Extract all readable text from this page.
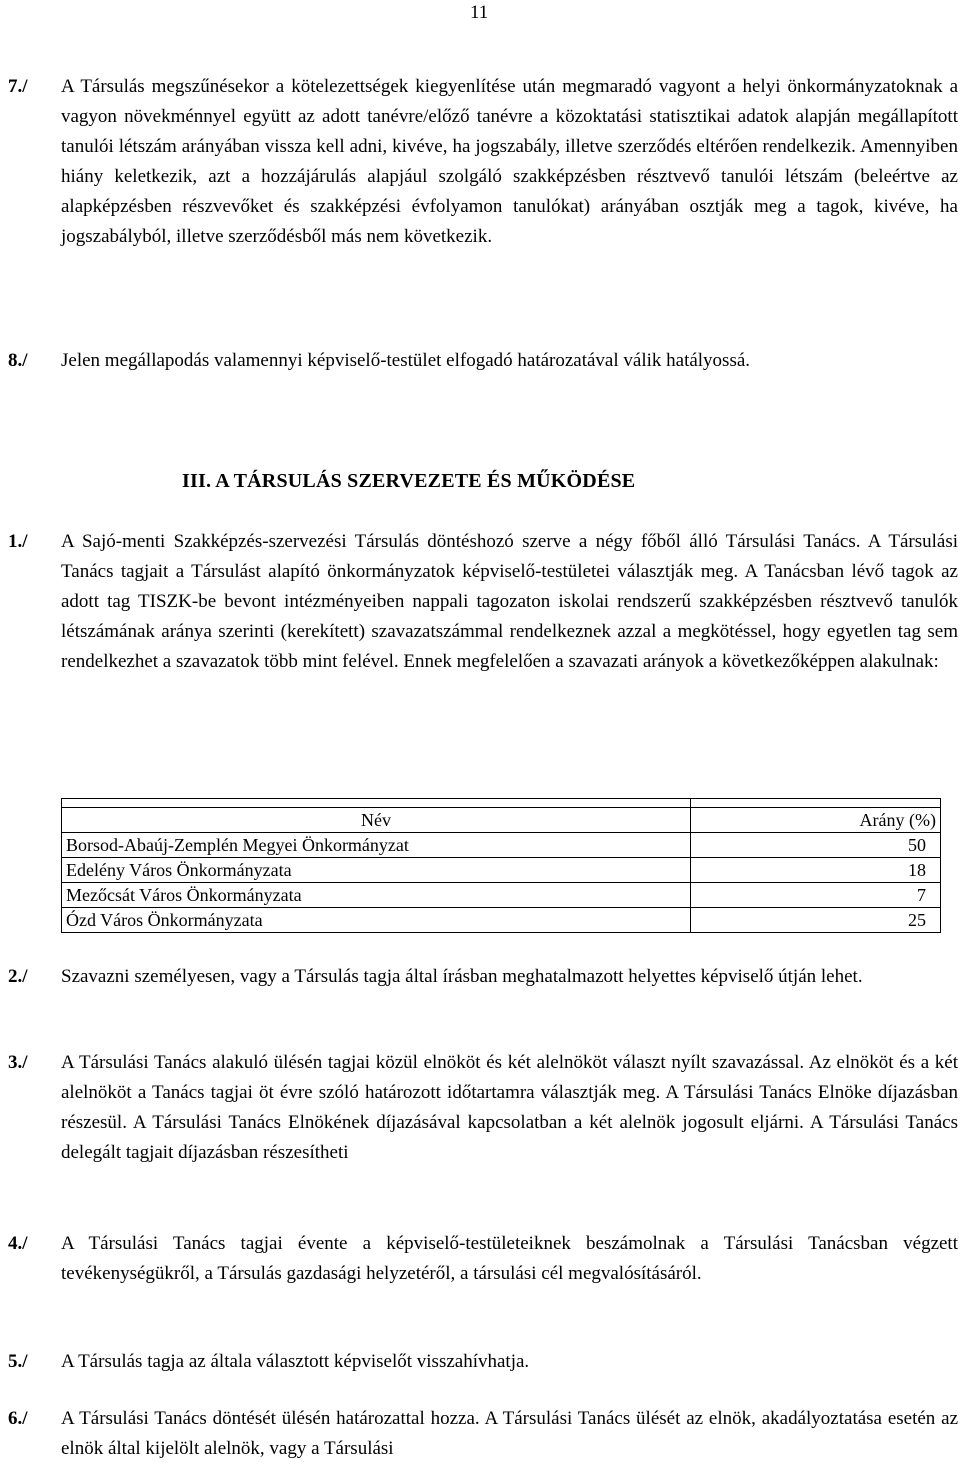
11
7./ A Társulás megszűnésekor a kötelezettségek kiegyenlítése után megmaradó vagyont a helyi önkormányzatoknak a vagyon növekménnyel együtt az adott tanévre/előző tanévre a közoktatási statisztikai adatok alapján megállapított tanulói létszám arányában vissza kell adni, kivéve, ha jogszabály, illetve szerződés eltérően rendelkezik. Amennyiben hiány keletkezik, azt a hozzájárulás alapjául szolgáló szakképzésben résztvevő tanulói létszám (beleértve az alapképzésben részvevőket és szakképzési évfolyamon tanulókat) arányában osztják meg a tagok, kivéve, ha jogszabályból, illetve szerződésből más nem következik.
8./ Jelen megállapodás valamennyi képviselő-testület elfogadó határozatával válik hatályossá.
III. A TÁRSULÁS SZERVEZETE ÉS MŰKÖDÉSE
1./ A Sajó-menti Szakképzés-szervezési Társulás döntéshozó szerve a négy főből álló Társulási Tanács. A Társulási Tanács tagjait a Társulást alapító önkormányzatok képviselő-testületei választják meg. A Tanácsban lévő tagok az adott tag TISZK-be bevont intézményeiben nappali tagozaton iskolai rendszerű szakképzésben résztvevő tanulók létszámának aránya szerinti (kerekített) szavazatszámmal rendelkeznek azzal a megkötéssel, hogy egyetlen tag sem rendelkezhet a szavazatok több mint felével. Ennek megfelelően a szavazati arányok a következőképpen alakulnak:

Név	Arány (%)
Borsod-Abaúj-Zemplén Megyei Önkormányzat	50
Edelény Város Önkormányzata	18
Mezőcsát Város Önkormányzata	7
Ózd Város Önkormányzata	25
2./ Szavazni személyesen, vagy a Társulás tagja által írásban meghatalmazott helyettes képviselő útján lehet.
3./ A Társulási Tanács alakuló ülésén tagjai közül elnököt és két alelnököt választ nyílt szavazással. Az elnököt és a két alelnököt a Tanács tagjai öt évre szóló határozott időtartamra választják meg. A Társulási Tanács Elnöke díjazásban részesül. A Társulási Tanács Elnökének díjazásával kapcsolatban a két alelnök jogosult eljárni. A Társulási Tanács delegált tagjait díjazásban részesítheti
4./ A Társulási Tanács tagjai évente a képviselő-testületeiknek beszámolnak a Társulási Tanácsban végzett tevékenységükről, a Társulás gazdasági helyzetéről, a társulási cél megvalósításáról.
5./ A Társulás tagja az általa választott képviselőt visszahívhatja.
6./ A Társulási Tanács döntését ülésén határozattal hozza. A Társulási Tanács ülését az elnök, akadályoztatása esetén az elnök által kijelölt alelnök, vagy a Társulási
